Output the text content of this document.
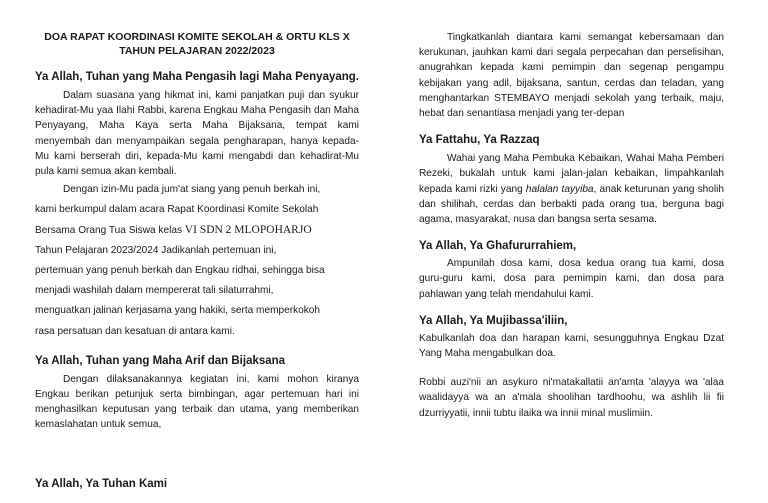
DOA RAPAT KOORDINASI KOMITE SEKOLAH & ORTU KLS X
TAHUN PELAJARAN 2022/2023

Ya Allah, Tuhan yang Maha Pengasih lagi Maha Penyayang.

Dalam suasana yang hikmat ini, kami panjatkan puji dan syukur kehadirat-Mu yaa Ilahi Rabbi, karena Engkau Maha Pengasih dan Maha Penyayang, Maha Kaya serta Maha Bijaksana, tempat kami menyembah dan menyampaikan segala pengharapan, hanya kepada-Mu kami berserah diri, kepada-Mu kami mengabdi dan kehadirat-Mu pula kami semua akan kembali.

Dengan izin-Mu pada jum'at siang yang penuh berkah ini,

kami berkumpul dalam acara Rapat Koordinasi Komite Sekolah

Bersama Orang Tua Siswa kelas VI SDN 2 MLOPOHARJO

Tahun Pelajaran 2023/2024 Jadikanlah pertemuan ini,

pertemuan yang penuh berkah dan Engkau ridhai, sehingga bisa

menjadi washilah dalam mempererat tali silaturrahmi,

menguatkan jalinan kerjasama yang hakiki, serta memperkokoh

rasa persatuan dan kesatuan di antara kami.

Ya Allah, Tuhan yang Maha Arif dan Bijaksana

Dengan dilaksanakannya kegiatan ini, kami mohon kiranya Engkau berikan petunjuk serta bimbingan, agar pertemuan hari ini menghasilkan keputusan yang terbaik dan utama, yang memberikan kemaslahatan untuk semua,

Ya Allah, Ya Tuhan Kami

Tingkatkanlah diantara kami semangat kebersamaan dan kerukunan, jauhkan kami dari segala perpecahan dan perselisihan, anugrahkan kepada kami pemimpin dan segenap pengampu kebijakan yang adil, bijaksana, santun, cerdas dan teladan, yang menghantarkan STEMBAYO menjadi sekolah yang terbaik, maju, hebat dan senantiasa menjadi yang ter-depan

Ya Fattahu, Ya Razzaq

Wahai yang Maha Pembuka Kebaikan, Wahai Maha Pemberi Rezeki, bukalah untuk kami jalan-jalan kebaikan, limpahkanlah kepada kami rizki yang halalan tayyiba, anak keturunan yang sholih dan shilihah, cerdas dan berbakti pada orang tua, berguna bagi agama, masyarakat, nusa dan bangsa serta sesama.

Ya Allah, Ya Ghafururrahiem,

Ampunilah dosa kami, dosa kedua orang tua kami, dosa guru-guru kami, dosa para pemimpin kami, dan dosa para pahlawan yang telah mendahului kami.

Ya Allah, Ya Mujibassa'iliin,

Kabulkanlah doa dan harapan kami, sesungguhnya Engkau Dzat Yang Maha mengabulkan doa.

Robbi auzi'nii an asykuro ni'matakallatii an'amta 'alayya wa 'alaa waalidayya wa an a'mala shoolihan tardhoohu, wa ashlih lii fii dzurriyyatii, innii tubtu ilaika wa innii minal muslimiin.
